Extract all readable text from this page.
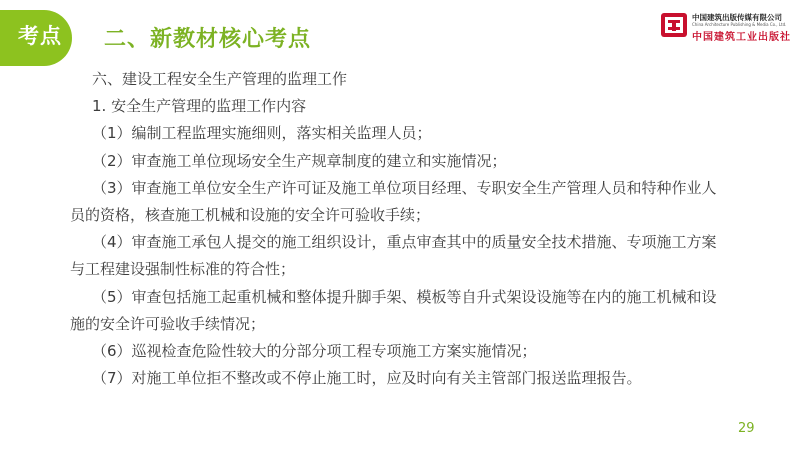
考点 二、新教材核心考点
中国建筑出版传媒有限公司
China Architecture Publishing & Media Co., Ltd.
中国建筑工业出版社

六、建设工程安全生产管理的监理工作

1. 安全生产管理的监理工作内容

（1）编制工程监理实施细则，落实相关监理人员；

（2）审查施工单位现场安全生产规章制度的建立和实施情况；

（3）审查施工单位安全生产许可证及施工单位项目经理、专职安全生产管理人员和特种作业人员的资格，核查施工机械和设施的安全许可验收手续；

（4）审查施工承包人提交的施工组织设计，重点审查其中的质量安全技术措施、专项施工方案与工程建设强制性标准的符合性；

（5）审查包括施工起重机械和整体提升脚手架、模板等自升式架设设施等在内的施工机械和设施的安全许可验收手续情况；

（6）巡视检查危险性较大的分部分项工程专项施工方案实施情况；

（7）对施工单位拒不整改或不停止施工时，应及时向有关主管部门报送监理报告。

29
